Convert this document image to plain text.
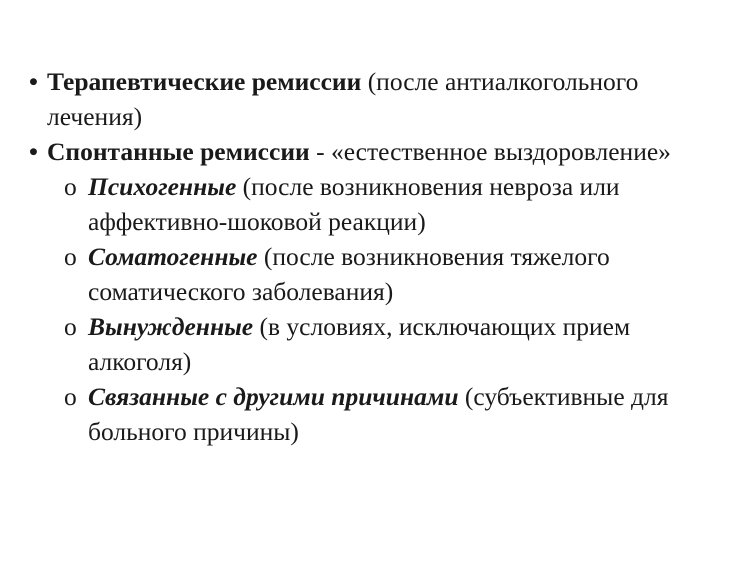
• Терапевтические ремиссии (после антиалкогольного лечения)

• Спонтанные ремиссии - «естественное выздоровление»

o Психогенные (после возникновения невроза или аффективно-шоковой реакции)
o Соматогенные (после возникновения тяжелого соматического заболевания)
o Вынужденные (в условиях, исключающих прием алкоголя)
o Связанные с другими причинами (субъективные для больного причины)
